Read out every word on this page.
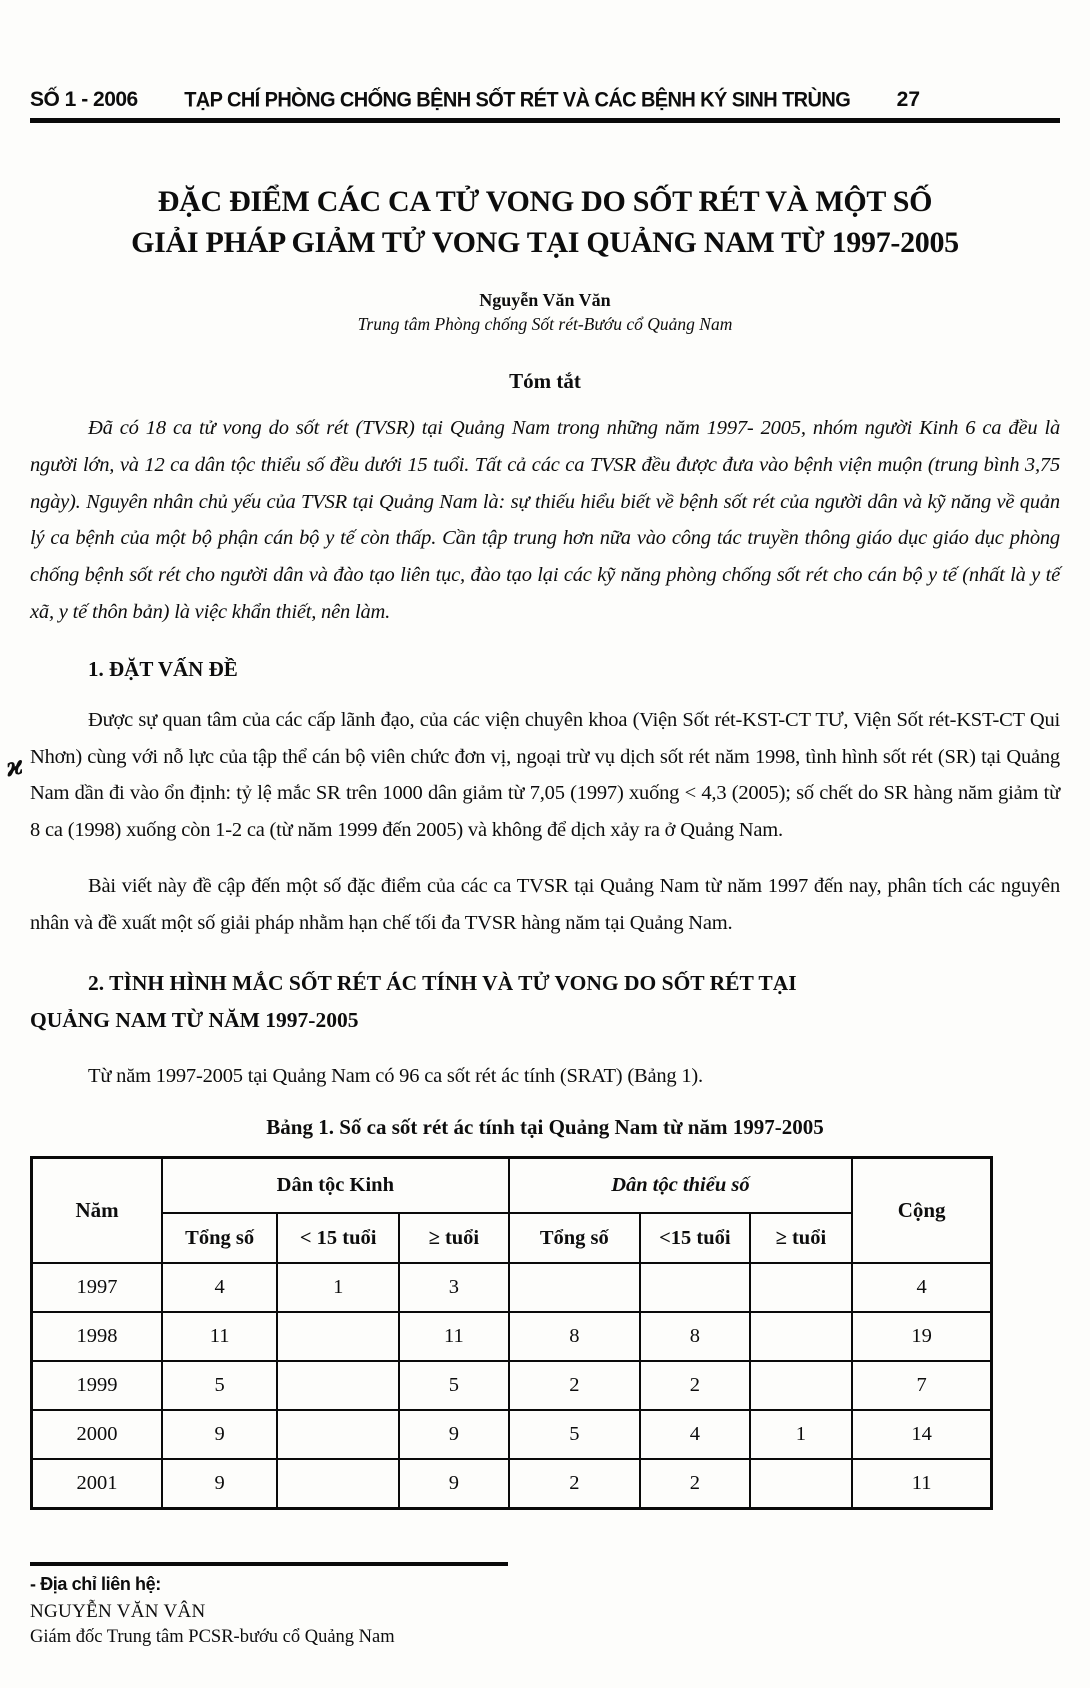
SỐ 1 - 2006	TẠP CHÍ PHÒNG CHỐNG BỆNH SỐT RÉT VÀ CÁC BỆNH KÝ SINH TRÙNG	27
ĐẶC ĐIỂM CÁC CA TỬ VONG DO SỐT RÉT VÀ MỘT SỐ
GIẢI PHÁP GIẢM TỬ VONG TẠI QUẢNG NAM TỪ 1997-2005
Nguyễn Văn Văn
Trung tâm Phòng chống Sốt rét-Bướu cổ Quảng Nam
Tóm tắt

Đã có 18 ca tử vong do sốt rét (TVSR) tại Quảng Nam trong những năm 1997- 2005, nhóm người Kinh 6 ca đều là người lớn, và 12 ca dân tộc thiểu số đều dưới 15 tuổi. Tất cả các ca TVSR đều được đưa vào bệnh viện muộn (trung bình 3,75 ngày). Nguyên nhân chủ yếu của TVSR tại Quảng Nam là: sự thiếu hiểu biết về bệnh sốt rét của người dân và kỹ năng về quản lý ca bệnh của một bộ phận cán bộ y tế còn thấp. Cần tập trung hơn nữa vào công tác truyền thông giáo dục giáo dục phòng chống bệnh sốt rét cho người dân và đào tạo liên tục, đào tạo lại các kỹ năng phòng chống sốt rét cho cán bộ y tế (nhất là y tế xã, y tế thôn bản) là việc khẩn thiết, nên làm.

1. ĐẶT VẤN ĐỀ

Được sự quan tâm của các cấp lãnh đạo, của các viện chuyên khoa (Viện Sốt rét-KST-CT TƯ, Viện Sốt rét-KST-CT Qui Nhơn) cùng với nỗ lực của tập thể cán bộ viên chức đơn vị, ngoại trừ vụ dịch sốt rét năm 1998, tình hình sốt rét (SR) tại Quảng Nam dần đi vào ổn định: tỷ lệ mắc SR trên 1000 dân giảm từ 7,05 (1997) xuống < 4,3 (2005); số chết do SR hàng năm giảm từ 8 ca (1998) xuống còn 1-2 ca (từ năm 1999 đến 2005) và không để dịch xảy ra ở Quảng Nam.

Bài viết này đề cập đến một số đặc điểm của các ca TVSR tại Quảng Nam từ năm 1997 đến nay, phân tích các nguyên nhân và đề xuất một số giải pháp nhằm hạn chế tối đa TVSR hàng năm tại Quảng Nam.

2. TÌNH HÌNH MẮC SỐT RÉT ÁC TÍNH VÀ TỬ VONG DO SỐT RÉT TẠI
QUẢNG NAM TỪ NĂM 1997-2005

Từ năm 1997-2005 tại Quảng Nam có 96 ca sốt rét ác tính (SRAT) (Bảng 1).

Bảng 1. Số ca sốt rét ác tính tại Quảng Nam từ năm 1997-2005
Năm	Dân tộc Kinh			Dân tộc thiểu số			Cộng
	Tổng số	< 15 tuổi	≥ tuổi	Tổng số	<15 tuổi	≥ tuổi	
1997	4	1	3				4
1998	11		11	8	8		19
1999	5		5	2	2		7
2000	9		9	5	4	1	14
2001	9		9	2	2		11
ϰ
- Địa chỉ liên hệ:
NGUYỄN VĂN VÂN
Giám đốc Trung tâm PCSR-bướu cổ Quảng Nam
